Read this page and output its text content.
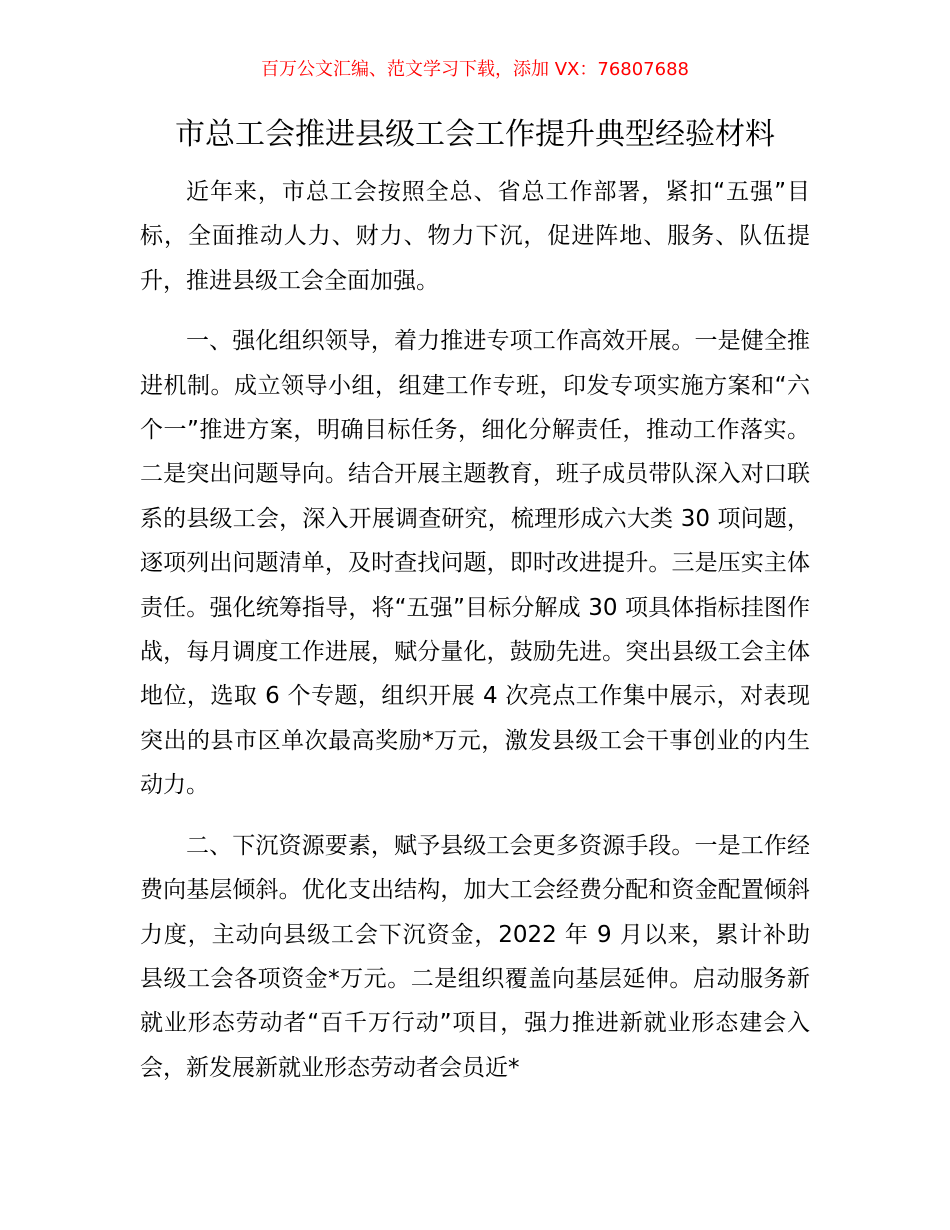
百万公文汇编、范文学习下载，添加 VX：76807688
市总工会推进县级工会工作提升典型经验材料

近年来，市总工会按照全总、省总工作部署，紧扣“五强”目标，全面推动人力、财力、物力下沉，促进阵地、服务、队伍提升，推进县级工会全面加强。

一、强化组织领导，着力推进专项工作高效开展。一是健全推进机制。成立领导小组，组建工作专班，印发专项实施方案和“六个一”推进方案，明确目标任务，细化分解责任，推动工作落实。二是突出问题导向。结合开展主题教育，班子成员带队深入对口联系的县级工会，深入开展调查研究，梳理形成六大类 30 项问题，逐项列出问题清单，及时查找问题，即时改进提升。三是压实主体责任。强化统筹指导，将“五强”目标分解成 30 项具体指标挂图作战，每月调度工作进展，赋分量化，鼓励先进。突出县级工会主体地位，选取 6 个专题，组织开展 4 次亮点工作集中展示，对表现突出的县市区单次最高奖励*万元，激发县级工会干事创业的内生动力。

二、下沉资源要素，赋予县级工会更多资源手段。一是工作经费向基层倾斜。优化支出结构，加大工会经费分配和资金配置倾斜力度，主动向县级工会下沉资金，2022 年 9 月以来，累计补助县级工会各项资金*万元。二是组织覆盖向基层延伸。启动服务新就业形态劳动者“百千万行动”项目，强力推进新就业形态建会入会，新发展新就业形态劳动者会员近*
